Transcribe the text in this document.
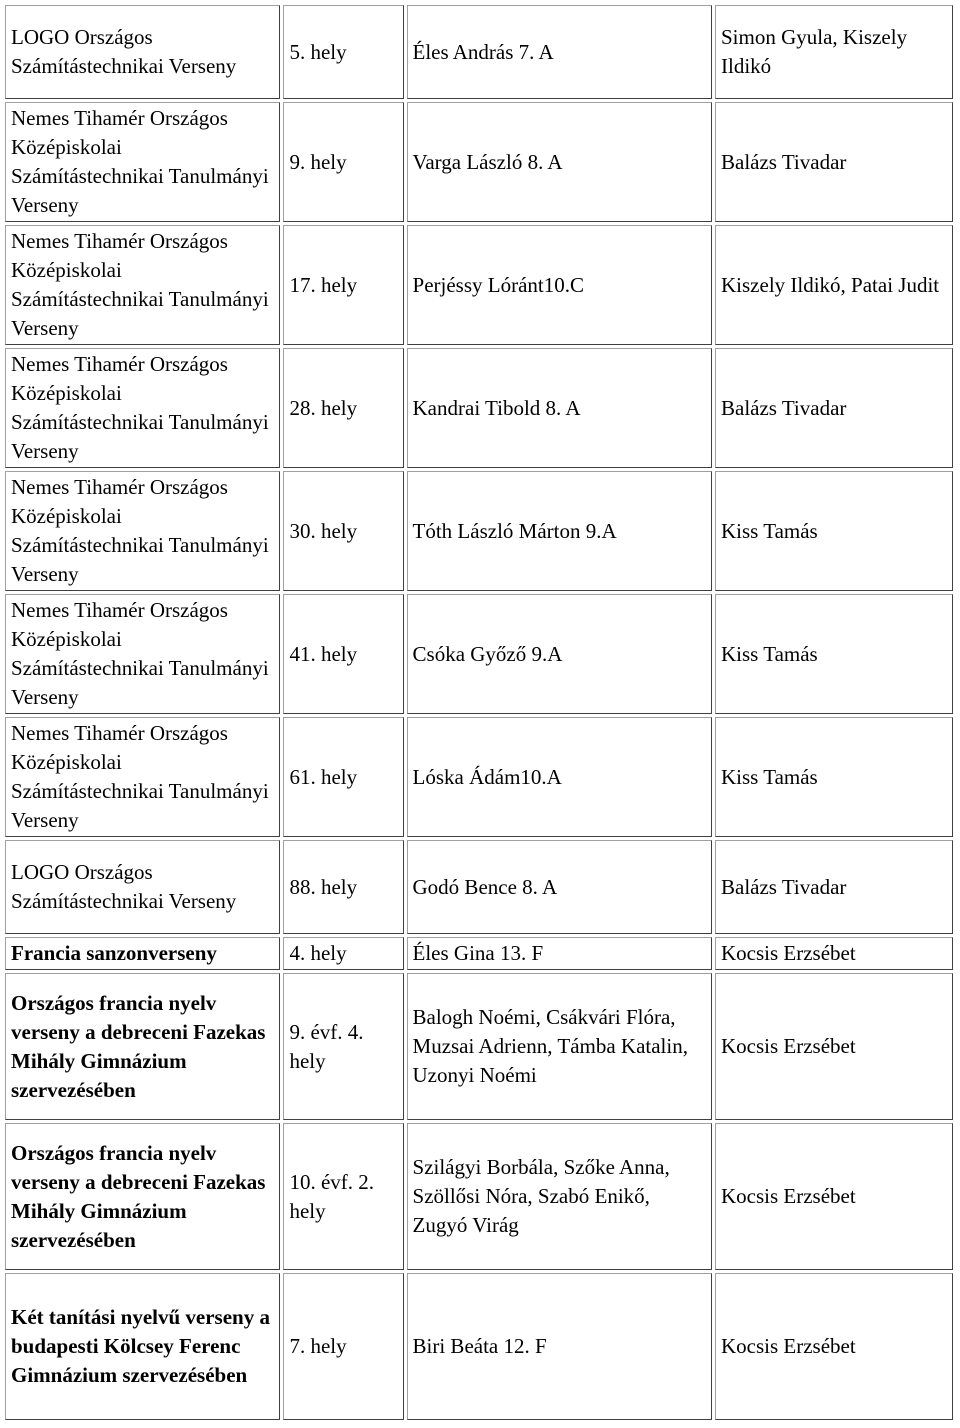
LOGO Országos Számítástechnikai Verseny	5. hely	Éles András 7. A	Simon Gyula, Kiszely Ildikó
Nemes Tihamér Országos Középiskolai Számítástechnikai Tanulmányi Verseny	9. hely	Varga László 8. A	Balázs Tivadar
Nemes Tihamér Országos Középiskolai Számítástechnikai Tanulmányi Verseny	17. hely	Perjéssy Lóránt10.C	Kiszely Ildikó, Patai Judit
Nemes Tihamér Országos Középiskolai Számítástechnikai Tanulmányi Verseny	28. hely	Kandrai Tibold 8. A	Balázs Tivadar
Nemes Tihamér Országos Középiskolai Számítástechnikai Tanulmányi Verseny	30. hely	Tóth László Márton 9.A	Kiss Tamás
Nemes Tihamér Országos Középiskolai Számítástechnikai Tanulmányi Verseny	41. hely	Csóka Győző 9.A	Kiss Tamás
Nemes Tihamér Országos Középiskolai Számítástechnikai Tanulmányi Verseny	61. hely	Lóska Ádám10.A	Kiss Tamás
LOGO Országos Számítástechnikai Verseny	88. hely	Godó Bence 8. A	Balázs Tivadar
Francia sanzonverseny	4. hely	Éles Gina 13. F	Kocsis Erzsébet
Országos francia nyelv verseny a debreceni Fazekas Mihály Gimnázium szervezésében	9. évf. 4. hely	Balogh Noémi, Csákvári Flóra, Muzsai Adrienn, Támba Katalin, Uzonyi Noémi	Kocsis Erzsébet
Országos francia nyelv verseny a debreceni Fazekas Mihály Gimnázium szervezésében	10. évf. 2. hely	Szilágyi Borbála, Szőke Anna, Szöllősi Nóra, Szabó Enikő, Zugyó Virág	Kocsis Erzsébet
Két tanítási nyelvű verseny a budapesti Kölcsey Ferenc Gimnázium szervezésében	7. hely	Biri Beáta 12. F	Kocsis Erzsébet
